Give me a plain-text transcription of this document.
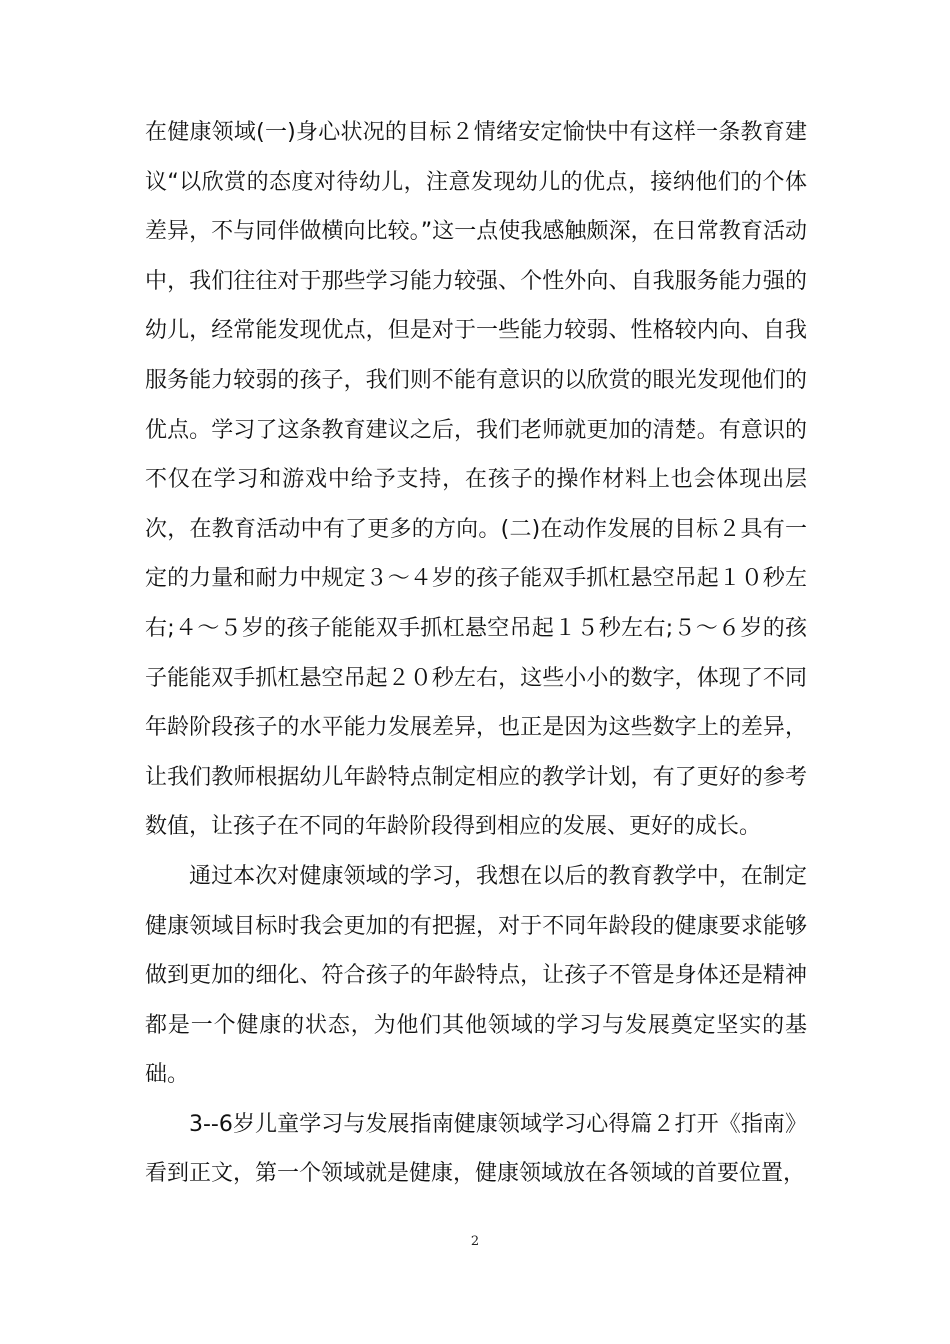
在健康领域(一)身心状况的目标２情绪安定愉快中有这样一条教育建议“以欣赏的态度对待幼儿，注意发现幼儿的优点，接纳他们的个体差异，不与同伴做横向比较。”这一点使我感触颇深，在日常教育活动中，我们往往对于那些学习能力较强、个性外向、自我服务能力强的幼儿，经常能发现优点，但是对于一些能力较弱、性格较内向、自我服务能力较弱的孩子，我们则不能有意识的以欣赏的眼光发现他们的优点。学习了这条教育建议之后，我们老师就更加的清楚。有意识的不仅在学习和游戏中给予支持，在孩子的操作材料上也会体现出层次，在教育活动中有了更多的方向。(二)在动作发展的目标２具有一定的力量和耐力中规定３～４岁的孩子能双手抓杠悬空吊起１０秒左右;４～５岁的孩子能能双手抓杠悬空吊起１５秒左右;５～６岁的孩子能能双手抓杠悬空吊起２０秒左右，这些小小的数字，体现了不同年龄阶段孩子的水平能力发展差异，也正是因为这些数字上的差异，让我们教师根据幼儿年龄特点制定相应的教学计划，有了更好的参考数值，让孩子在不同的年龄阶段得到相应的发展、更好的成长。

通过本次对健康领域的学习，我想在以后的教育教学中，在制定健康领域目标时我会更加的有把握，对于不同年龄段的健康要求能够做到更加的细化、符合孩子的年龄特点，让孩子不管是身体还是精神都是一个健康的状态，为他们其他领域的学习与发展奠定坚实的基础。

3--6岁儿童学习与发展指南健康领域学习心得篇２打开《指南》看到正文，第一个领域就是健康，健康领域放在各领域的首要位置，

2
